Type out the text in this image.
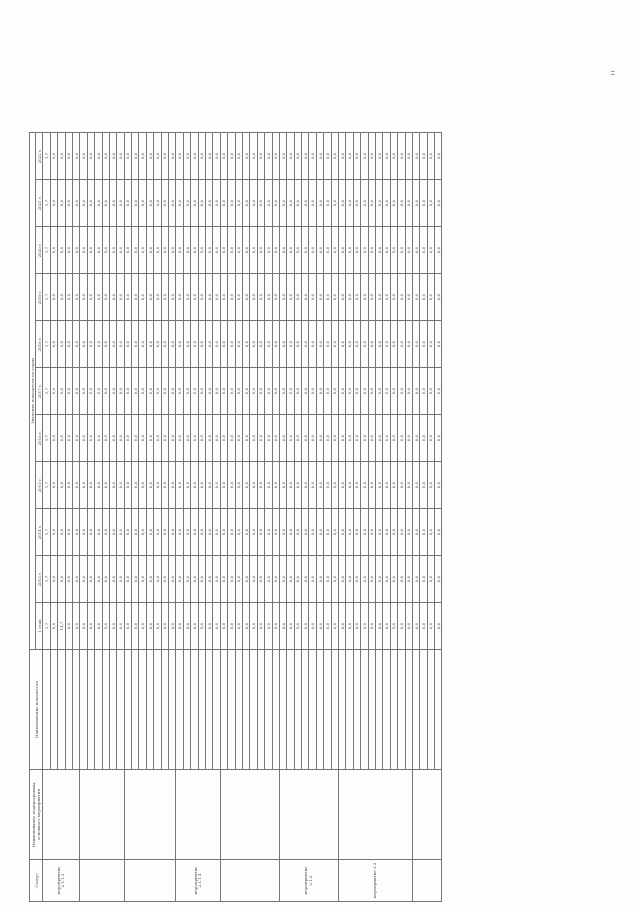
11
Статус	Наименование подпрограммы, основного мероприятия	Наименование показателя	Значение показателя по годам										
			1 этап	2013 г.	2014 г.	2015 г.	2016 г.	2017 г.	2018 г.	2019 г.	2020 г.	2021 г.	2022 г.
мероприятие 2.1.1.3			1,7	1,7	1,7	1,7	1,7	1,7	1,7	1,7	1,7	1,7	1,7
			0,0	0,0	0,0	0,0	0,0	0,0	0,0	0,0	0,0	0,0	0,0
			14,7	0,0	0,0	0,0	0,0	0,0	0,0	0,0	0,0	0,0	0,0
			0,0	0,0	0,0	0,0	0,0	0,0	0,0	0,0	0,0	0,0	0,0
			0,0	0,0	0,0	0,0	0,0	0,0	0,0	0,0	0,0	0,0	0,0
			0,0	0,0	0,0	0,0	0,0	0,0	0,0	0,0	0,0	0,0	0,0
			0,0	0,0	0,0	0,0	0,0	0,0	0,0	0,0	0,0	0,0	0,0
			0,0	0,0	0,0	0,0	0,0	0,0	0,0	0,0	0,0	0,0	0,0
			0,0	0,0	0,0	0,0	0,0	0,0	0,0	0,0	0,0	0,0	0,0
			0,0	0,0	0,0	0,0	0,0	0,0	0,0	0,0	0,0	0,0	0,0
			0,0	0,0	0,0	0,0	0,0	0,0	0,0	0,0	0,0	0,0	0,0
			0,0	0,0	0,0	0,0	0,0	0,0	0,0	0,0	0,0	0,0	0,0
			0,0	0,0	0,0	0,0	0,0	0,0	0,0	0,0	0,0	0,0	0,0
			0,0	0,0	0,0	0,0	0,0	0,0	0,0	0,0	0,0	0,0	0,0
			0,0	0,0	0,0	0,0	0,0	0,0	0,0	0,0	0,0	0,0	0,0
			0,0	0,0	0,0	0,0	0,0	0,0	0,0	0,0	0,0	0,0	0,0
			0,0	0,0	0,0	0,0	0,0	0,0	0,0	0,0	0,0	0,0	0,0
			0,0	0,0	0,0	0,0	0,0	0,0	0,0	0,0	0,0	0,0	0,0
мероприятие 2.1.1.4			0,0	0,0	0,0	0,0	0,0	0,0	0,0	0,0	0,0	0,0	0,0
			0,0	0,0	0,0	0,0	0,0	0,0	0,0	0,0	0,0	0,0	0,0
			0,0	0,0	0,0	0,0	0,0	0,0	0,0	0,0	0,0	0,0	0,0
			0,0	0,0	0,0	0,0	0,0	0,0	0,0	0,0	0,0	0,0	0,0
			0,0	0,0	0,0	0,0	0,0	0,0	0,0	0,0	0,0	0,0	0,0
			0,0	0,0	0,0	0,0	0,0	0,0	0,0	0,0	0,0	0,0	0,0
			0,0	0,0	0,0	0,0	0,0	0,0	0,0	0,0	0,0	0,0	0,0
			0,0	0,0	0,0	0,0	0,0	0,0	0,0	0,0	0,0	0,0	0,0
			0,0	0,0	0,0	0,0	0,0	0,0	0,0	0,0	0,0	0,0	0,0
			0,0	0,0	0,0	0,0	0,0	0,0	0,0	0,0	0,0	0,0	0,0
			0,0	0,0	0,0	0,0	0,0	0,0	0,0	0,0	0,0	0,0	0,0
			0,0	0,0	0,0	0,0	0,0	0,0	0,0	0,0	0,0	0,0	0,0
			0,0	0,0	0,0	0,0	0,0	0,0	0,0	0,0	0,0	0,0	0,0
			0,0	0,0	0,0	0,0	0,0	0,0	0,0	0,0	0,0	0,0	0,0
мероприятие 2.1.2			0,0	0,0	0,0	0,0	0,0	0,0	0,0	0,0	0,0	0,0	0,0
			0,0	0,0	0,0	0,0	0,0	0,0	0,0	0,0	0,0	0,0	0,0
			0,0	0,0	0,0	0,0	0,0	0,0	0,0	0,0	0,0	0,0	0,0
			0,0	0,0	0,0	0,0	0,0	0,0	0,0	0,0	0,0	0,0	0,0
			0,0	0,0	0,0	0,0	0,0	0,0	0,0	0,0	0,0	0,0	0,0
			0,0	0,0	0,0	0,0	0,0	0,0	0,0	0,0	0,0	0,0	0,0
			0,0	0,0	0,0	0,0	0,0	0,0	0,0	0,0	0,0	0,0	0,0
			0,0	0,0	0,0	0,0	0,0	0,0	0,0	0,0	0,0	0,0	0,0
мероприятие 2.2			0,0	0,0	0,0	0,0	0,0	0,0	0,0	0,0	0,0	0,0	0,0
			0,0	0,0	0,0	0,0	0,0	0,0	0,0	0,0	0,0	0,0	0,0
			0,0	0,0	0,0	0,0	0,0	0,0	0,0	0,0	0,0	0,0	0,0
			0,0	0,0	0,0	0,0	0,0	0,0	0,0	0,0	0,0	0,0	0,0
			0,0	0,0	0,0	0,0	0,0	0,0	0,0	0,0	0,0	0,0	0,0
			0,0	0,0	0,0	0,0	0,0	0,0	0,0	0,0	0,0	0,0	0,0
			0,0	0,0	0,0	0,0	0,0	0,0	0,0	0,0	0,0	0,0	0,0
			0,0	0,0	0,0	0,0	0,0	0,0	0,0	0,0	0,0	0,0	0,0
			0,0	0,0	0,0	0,0	0,0	0,0	0,0	0,0	0,0	0,0	0,0
			0,0	0,0	0,0	0,0	0,0	0,0	0,0	0,0	0,0	0,0	0,0
			0,0	0,0	0,0	0,0	0,0	0,0	0,0	0,0	0,0	0,0	0,0
			0,0	0,0	0,0	0,0	0,0	0,0	0,0	0,0	0,0	0,0	0,0
			0,0	0,0	0,0	0,0	0,0	0,0	0,0	0,0	0,0	0,0	0,0
			0,0	0,0	0,0	0,0	0,0	0,0	0,0	0,0	0,0	0,0	0,0
